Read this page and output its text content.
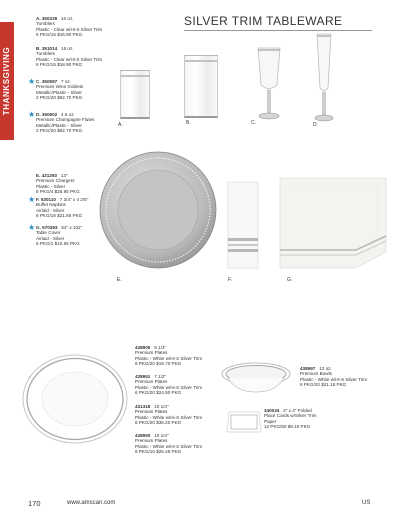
THANKSGIVING
SILVER TRIM TABLEWARE
★
★
★
★
A. 350229 10 oz.
Tumblers
Plastic - Clear w/Hi-S Silver Trim
6 PKG/15 $16.90 PKG
B. 351014 16 oz.
Tumblers
Plastic - Clear w/Hi-S Silver Trim
6 PKG/15 $18.90 PKG
C. 350597 7 oz.
Premium Wine Goblets
Metallic/Plastic - Silver
2 PKG/20 $62.70 PKG
D. 350602 4.5 oz.
Premium Champagne Flutes
Metallic/Plastic - Silver
2 PKG/20 $62.70 PKG
A.	B.	C.	D.
E. 431293 13"
Premium Chargers
Plastic - Silver
6 PKG/4 $25.95 PKG
F. 530110 7 3/4" x 4 2/5"
Buffet Napkins
Airlaid - Silver
6 PKG/16 $21.85 PKG
G. 570393 54" x 102"
Table Cover
Airlaid - Silver
6 PKG/1 $10.55 PKG
E.	F.	G.
438905 6 1/4"
Premium Plates
Plastic - White w/Hi-S Silver Trim
6 PKG/20 $19.70 PKG
438951 7 1/2"
Premium Plates
Plastic - White w/Hi-S Silver Trim
6 PKG/20 $24.50 PKG
431318 10 1/4"
Premium Plates
Plastic - White w/Hi-S Silver Trim
8 PKG/20 $35.20 PKG
438950 10 1/4"
Premium Plates
Plastic - White w/Hi-S Silver Trim
6 PKG/10 $25.45 PKG
438997 12 oz.
Premium Bowls
Plastic - White w/Hi-S Silver Trim
6 PKG/20 $21.15 PKG
340034 2" x 4" Folded
Place Cards w/Silver Trim
Paper
12 PKG/50 $9.40 PKG
170	www.amscan.com	US
